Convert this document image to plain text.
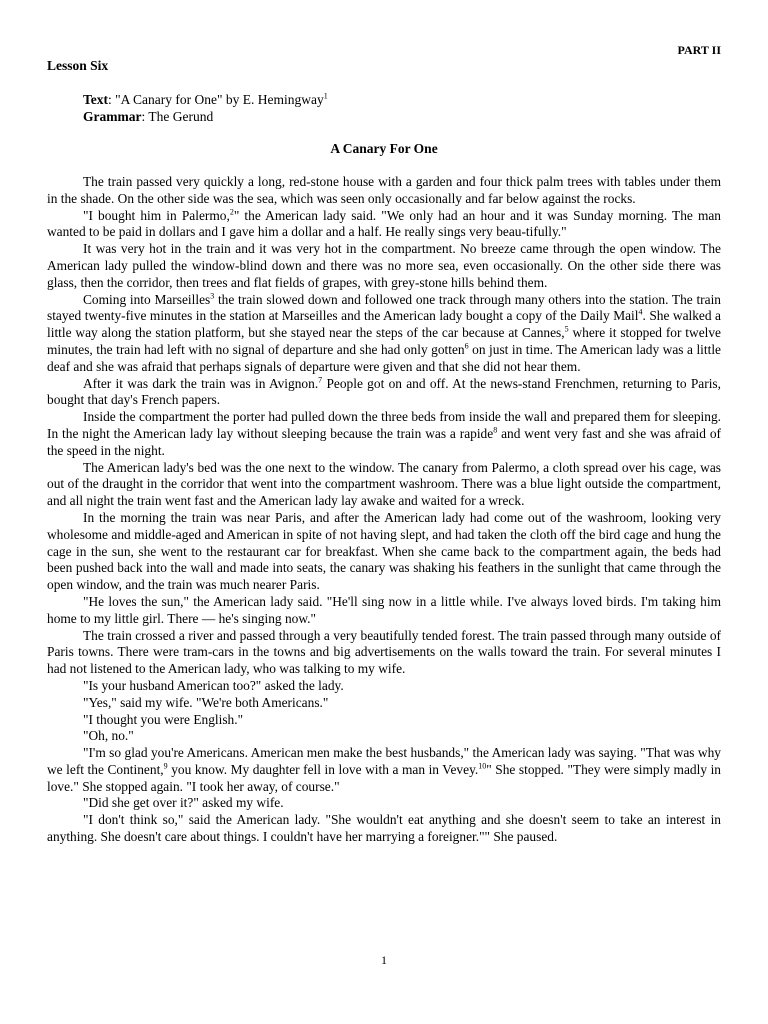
PART II
Lesson Six
Text: "A Canary for One" by E. Hemingway$^1$
Grammar: The Gerund
A Canary For One

The train passed very quickly a long, red-stone house with a garden and four thick palm trees with tables under them in the shade. On the other side was the sea, which was seen only occasionally and far below against the rocks.

"I bought him in Palermo,$^2$" the American lady said. "We only had an hour and it was Sunday morning. The man wanted to be paid in dollars and I gave him a dollar and a half. He really sings very beau-tifully."

It was very hot in the train and it was very hot in the compartment. No breeze came through the open window. The American lady pulled the window-blind down and there was no more sea, even occasionally. On the other side there was glass, then the corridor, then trees and flat fields of grapes, with grey-stone hills behind them.

Coming into Marseilles$^3$ the train slowed down and followed one track through many others into the station. The train stayed twenty-five minutes in the station at Marseilles and the American lady bought a copy of the Daily Mail$^4$. She walked a little way along the station platform, but she stayed near the steps of the car because at Cannes,$^5$ where it stopped for twelve minutes, the train had left with no signal of departure and she had only gotten$^6$ on just in time. The American lady was a little deaf and she was afraid that perhaps signals of departure were given and that she did not hear them.

After it was dark the train was in Avignon.$^7$ People got on and off. At the news-stand Frenchmen, returning to Paris, bought that day's French papers.

Inside the compartment the porter had pulled down the three beds from inside the wall and prepared them for sleeping. In the night the American lady lay without sleeping because the train was a rapide$^8$ and went very fast and she was afraid of the speed in the night.

The American lady's bed was the one next to the window. The canary from Palermo, a cloth spread over his cage, was out of the draught in the corridor that went into the compartment washroom. There was a blue light outside the compartment, and all night the train went fast and the American lady lay awake and waited for a wreck.

In the morning the train was near Paris, and after the American lady had come out of the washroom, looking very wholesome and middle-aged and American in spite of not having slept, and had taken the cloth off the bird cage and hung the cage in the sun, she went to the restaurant car for breakfast. When she came back to the compartment again, the beds had been pushed back into the wall and made into seats, the canary was shaking his feathers in the sunlight that came through the open window, and the train was much nearer Paris.

"He loves the sun," the American lady said. "He'll sing now in a little while. I've always loved birds. I'm taking him home to my little girl. There — he's singing now."

The train crossed a river and passed through a very beautifully tended forest. The train passed through many outside of Paris towns. There were tram-cars in the towns and big advertisements on the walls toward the train. For several minutes I had not listened to the American lady, who was talking to my wife.

"Is your husband American too?" asked the lady.

"Yes," said my wife. "We're both Americans."

"I thought you were English."

"Oh, no."

"I'm so glad you're Americans. American men make the best husbands," the American lady was saying. "That was why we left the Continent,$^9$ you know. My daughter fell in love with a man in Vevey.$^{10}$" She stopped. "They were simply madly in love." She stopped again. "I took her away, of course."

"Did she get over it?" asked my wife.

"I don't think so," said the American lady. "She wouldn't eat anything and she doesn't seem to take an interest in anything. She doesn't care about things. I couldn't have her marrying a foreigner."" She paused.

1
